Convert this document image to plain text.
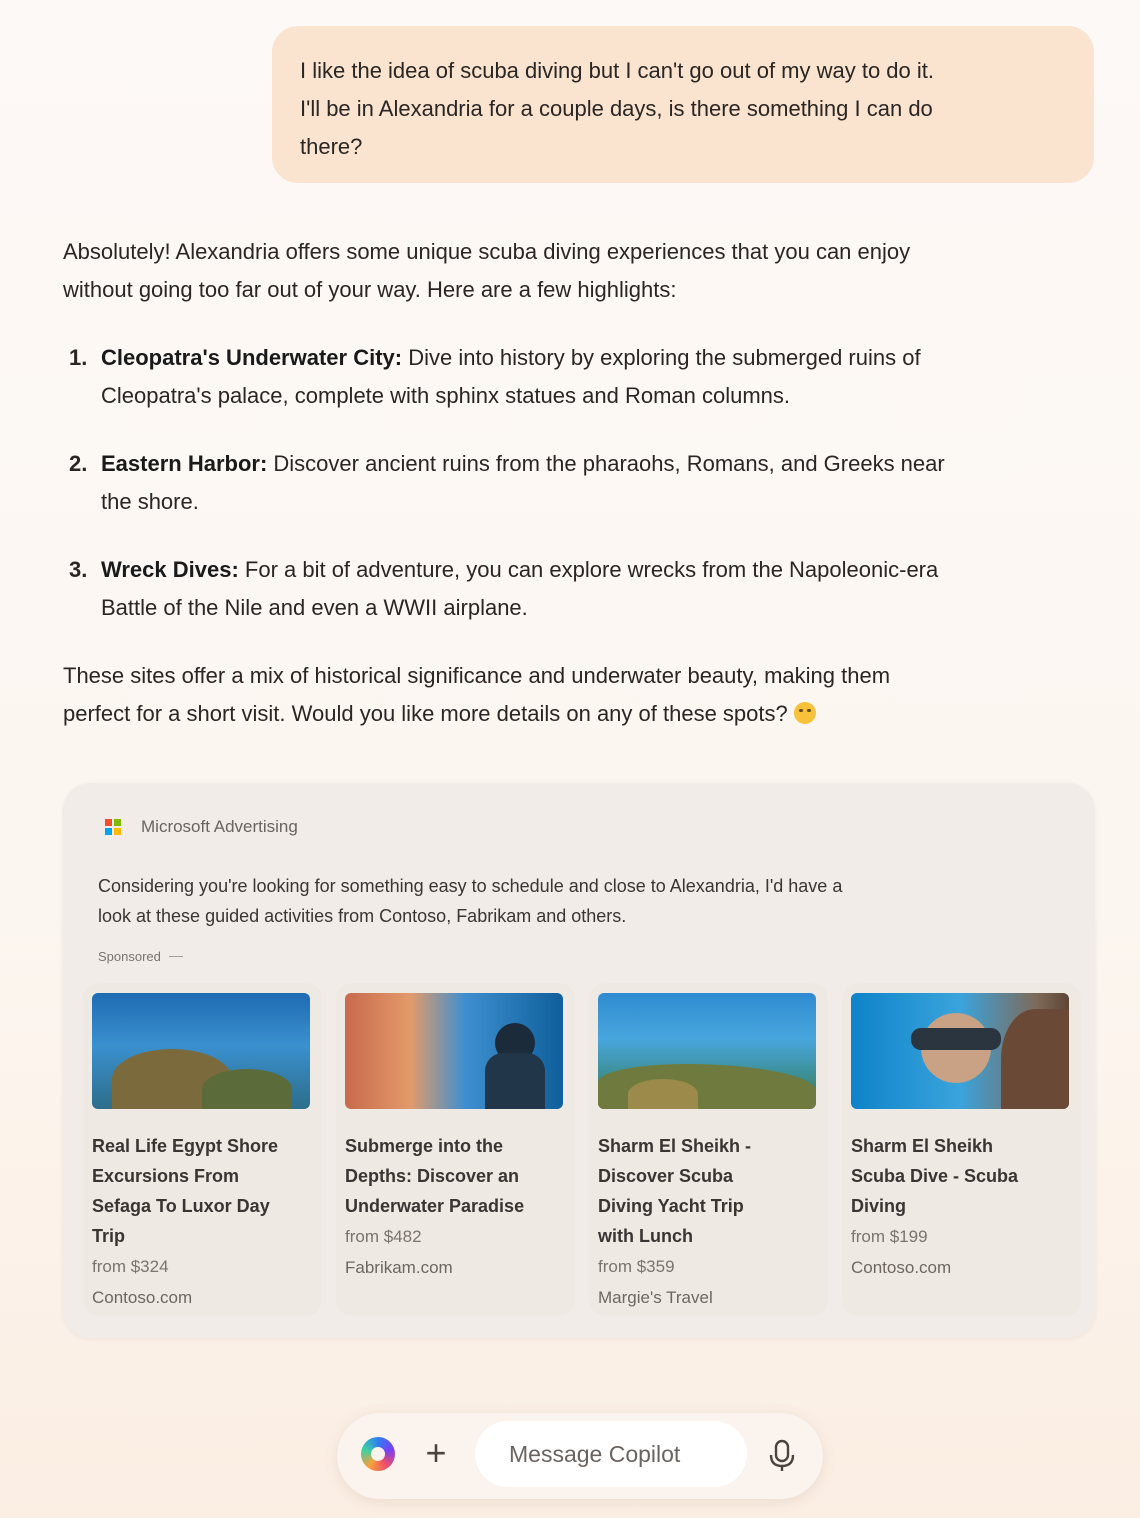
I like the idea of scuba diving but I can't go out of my way to do it.
I'll be in Alexandria for a couple days, is there something I can do
there?

Absolutely! Alexandria offers some unique scuba diving experiences that you can enjoy
without going too far out of your way. Here are a few highlights:

1. Cleopatra's Underwater City: Dive into history by exploring the submerged ruins of
Cleopatra's palace, complete with sphinx statues and Roman columns.
2. Eastern Harbor: Discover ancient ruins from the pharaohs, Romans, and Greeks near
the shore.
3. Wreck Dives: For a bit of adventure, you can explore wrecks from the Napoleonic-era
Battle of the Nile and even a WWII airplane.

These sites offer a mix of historical significance and underwater beauty, making them
perfect for a short visit. Would you like more details on any of these spots?

Microsoft Advertising
Considering you're looking for something easy to schedule and close to Alexandria, I'd have a
look at these guided activities from Contoso, Fabrikam and others.
Sponsored
Real Life Egypt Shore
Excursions From
Sefaga To Luxor Day
Trip
from $324
Contoso.com
Submerge into the
Depths: Discover an
Underwater Paradise
from $482
Fabrikam.com
Sharm El Sheikh -
Discover Scuba
Diving Yacht Trip
with Lunch
from $359
Margie's Travel
Sharm El Sheikh
Scuba Dive - Scuba
Diving
from $199
Contoso.com
+
Message Copilot
